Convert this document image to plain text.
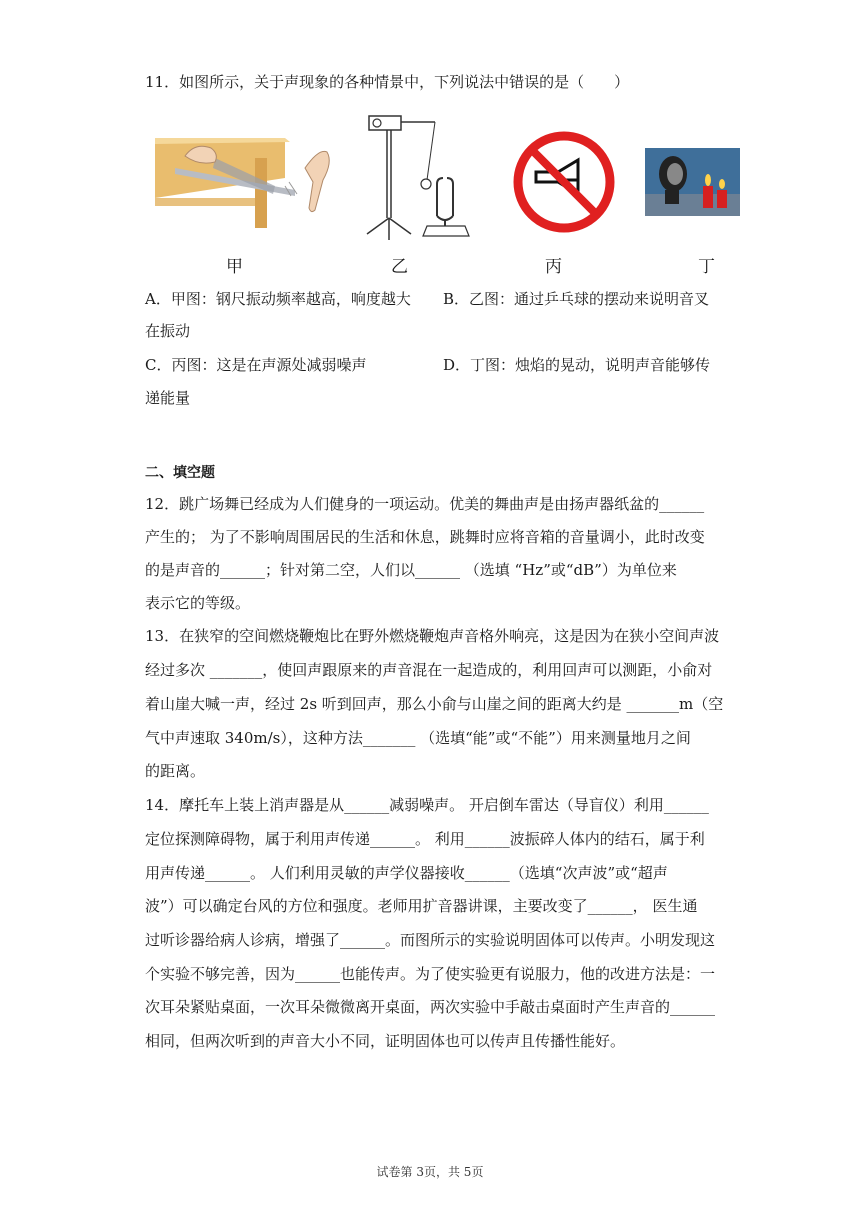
11．如图所示，关于声现象的各种情景中，下列说法中错误的是（　　）
甲	乙	丙	丁
A．甲图：钢尺振动频率越高，响度越大 B．乙图：通过乒乓球的摆动来说明音叉
在振动
C．丙图：这是在声源处减弱噪声	D．丁图：烛焰的晃动，说明声音能够传
递能量
二、填空题
12．跳广场舞已经成为人们健身的一项运动。优美的舞曲声是由扬声器纸盆的______
产生的； 为了不影响周围居民的生活和休息，跳舞时应将音箱的音量调小，此时改变
的是声音的______；针对第二空，人们以______ （选填 “Hz”或“dB”）为单位来
表示它的等级。
13．在狭窄的空间燃烧鞭炮比在野外燃烧鞭炮声音格外响亮，这是因为在狭小空间声波
经过多次 _______，使回声跟原来的声音混在一起造成的，利用回声可以测距，小俞对
着山崖大喊一声，经过 2s 听到回声，那么小俞与山崖之间的距离大约是 _______m（空
气中声速取 340m/s），这种方法_______ （选填“能”或“不能”）用来测量地月之间
的距离。
14．摩托车上装上消声器是从______减弱噪声。 开启倒车雷达（导盲仪）利用______
定位探测障碍物，属于利用声传递______。 利用______波振碎人体内的结石，属于利
用声传递______。 人们利用灵敏的声学仪器接收______（选填“次声波”或“超声
波”）可以确定台风的方位和强度。老师用扩音器讲课，主要改变了______， 医生通
过听诊器给病人诊病，增强了______。而图所示的实验说明固体可以传声。小明发现这
个实验不够完善，因为______也能传声。为了使实验更有说服力，他的改进方法是：一
次耳朵紧贴桌面，一次耳朵微微离开桌面，两次实验中手敲击桌面时产生声音的______
相同，但两次听到的声音大小不同，证明固体也可以传声且传播性能好。
试卷第 3页，共 5页
